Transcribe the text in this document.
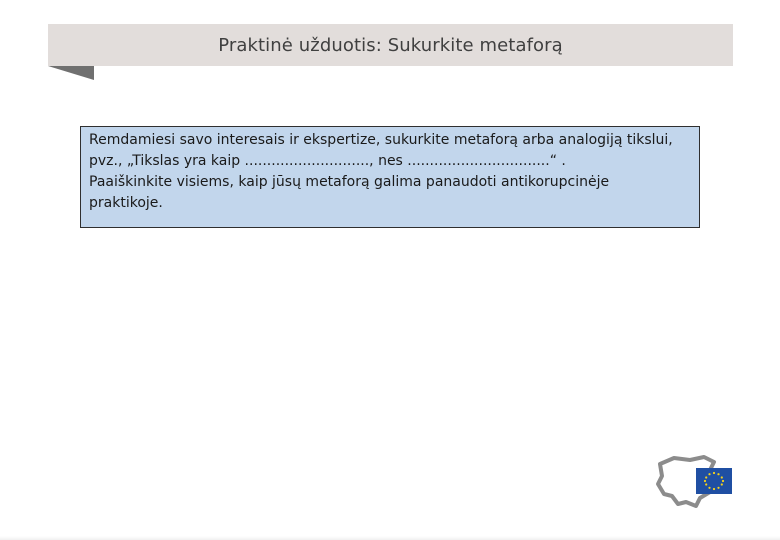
Praktinė užduotis: Sukurkite metaforą
Remdamiesi savo interesais ir ekspertize, sukurkite metaforą arba analogiją tikslui,
pvz., „Tikslas yra kaip ............................, nes ................................“ .
Paaiškinkite visiems, kaip jūsų metaforą galima panaudoti antikorupcinėje
praktikoje.
